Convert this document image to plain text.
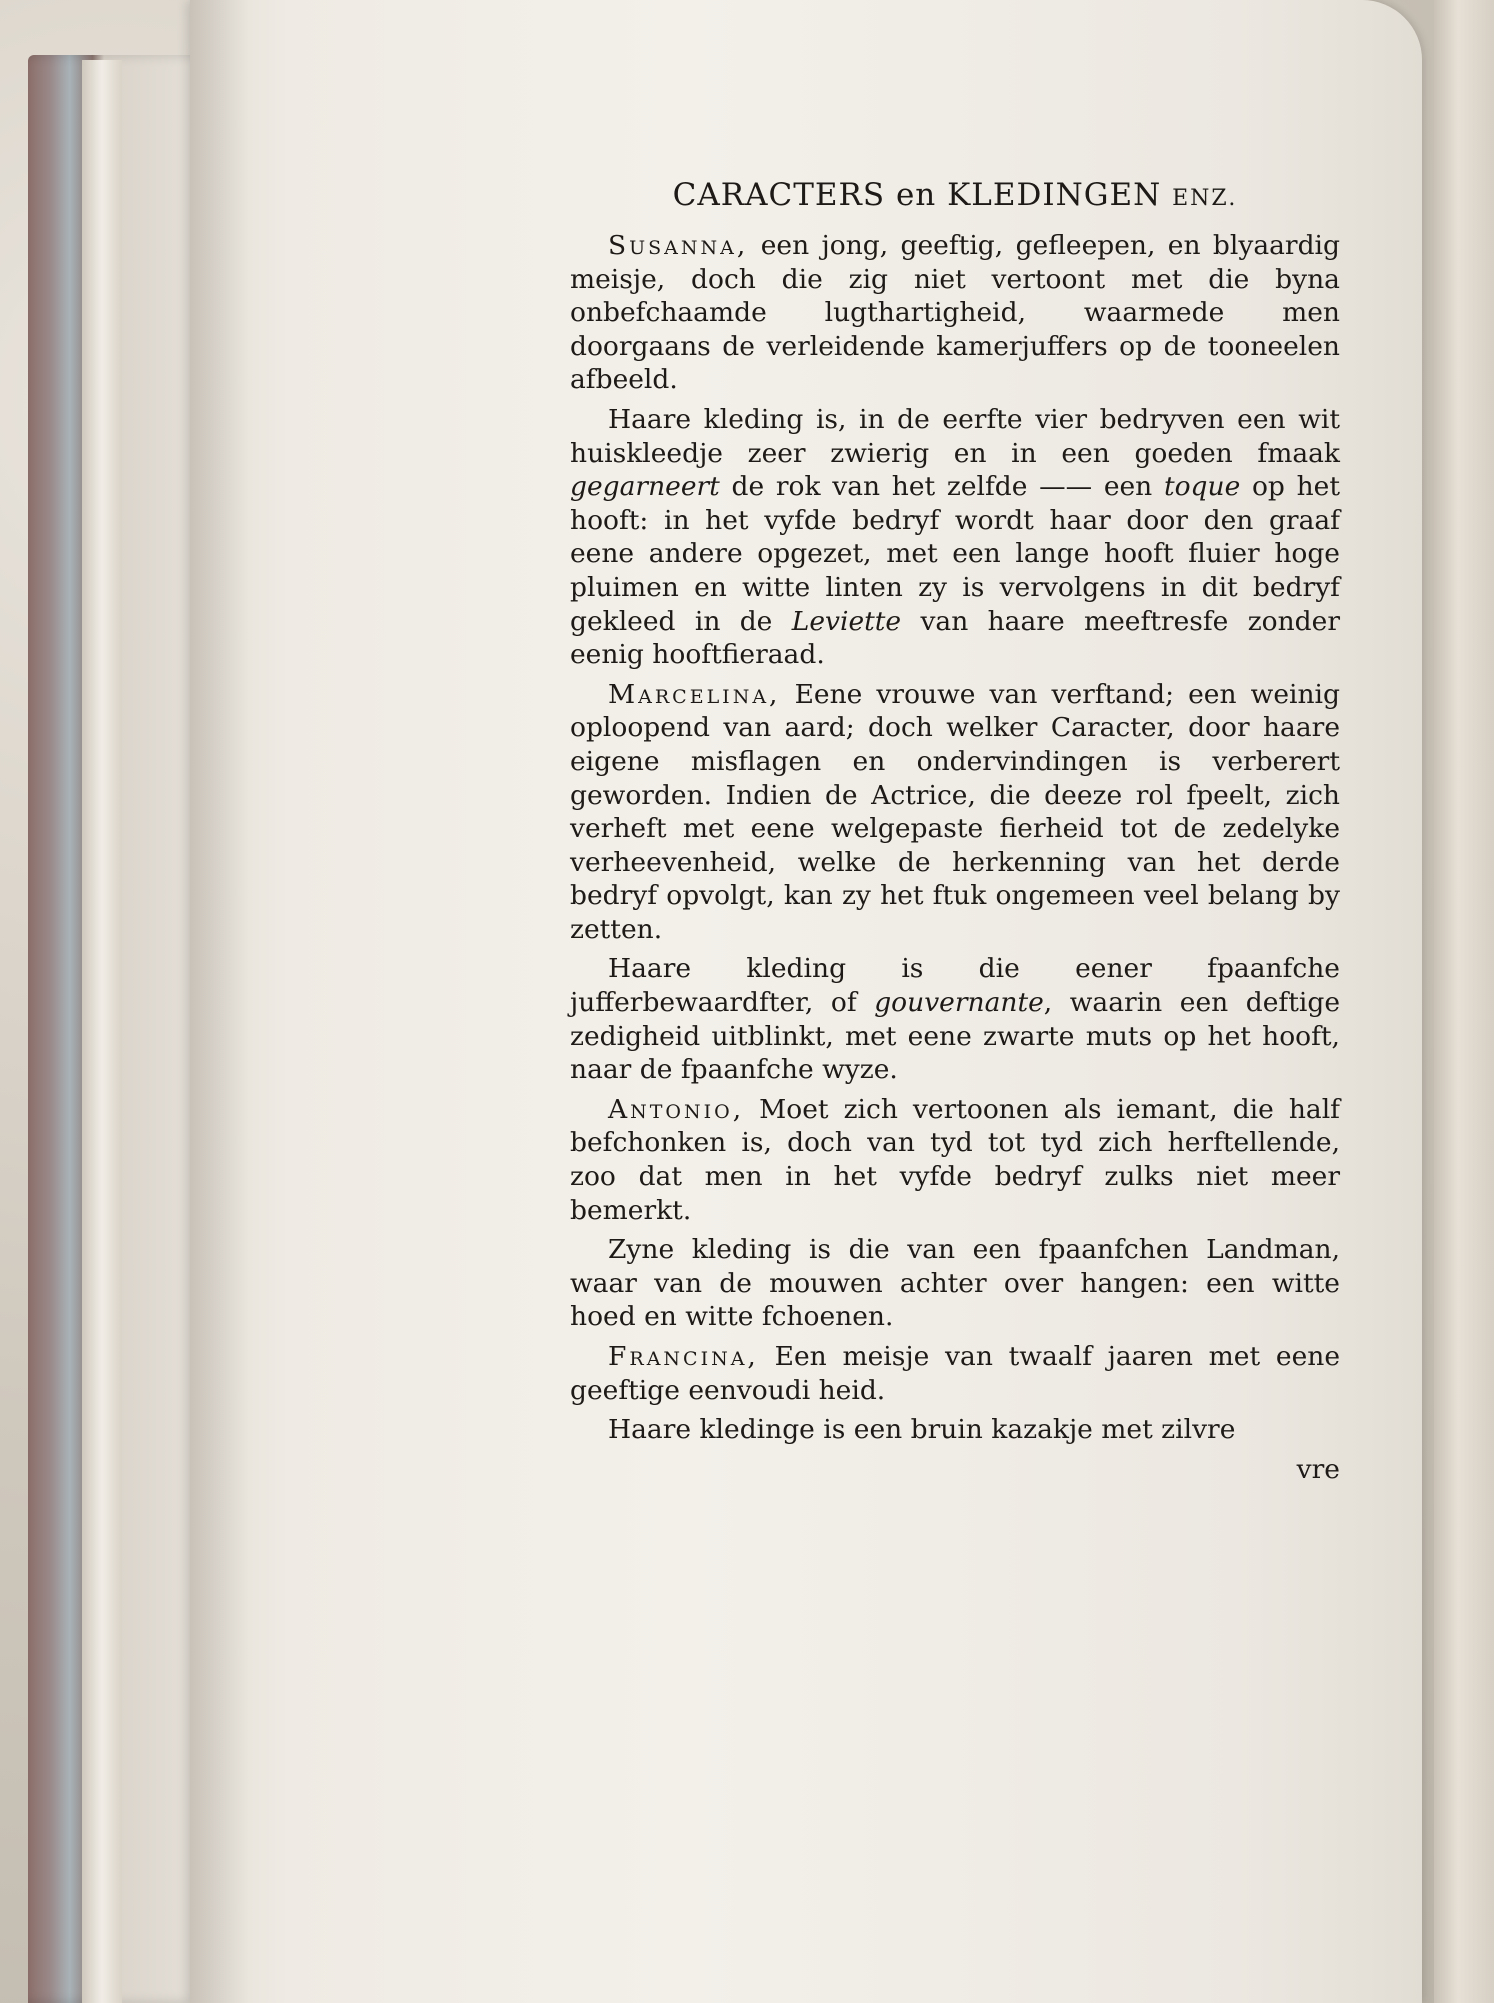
CARACTERS en KLEDINGEN ENZ.

Susanna, een jong, geeftig, gefleepen, en blyaardig meisje, doch die zig niet vertoont met die byna onbefchaamde lugthartigheid, waarmede men doorgaans de verleidende kamerjuffers op de tooneelen afbeeld.

Haare kleding is, in de eerfte vier bedryven een wit huiskleedje zeer zwierig en in een goeden fmaak gegarneert de rok van het zelfde —— een toque op het hooft: in het vyfde bedryf wordt haar door den graaf eene andere opgezet, met een lange hooft fluier hoge pluimen en witte linten zy is vervolgens in dit bedryf gekleed in de Leviette van haare meeftresfe zonder eenig hooftfieraad.

Marcelina, Eene vrouwe van verftand; een weinig oploopend van aard; doch welker Caracter, door haare eigene misflagen en ondervindingen is verberert geworden. Indien de Actrice, die deeze rol fpeelt, zich verheft met eene welgepaste fierheid tot de zedelyke verheevenheid, welke de herkenning van het derde bedryf opvolgt, kan zy het ftuk ongemeen veel belang by zetten.

Haare kleding is die eener fpaanfche jufferbewaardfter, of gouvernante, waarin een deftige zedigheid uitblinkt, met eene zwarte muts op het hooft, naar de fpaanfche wyze.

Antonio, Moet zich vertoonen als iemant, die half befchonken is, doch van tyd tot tyd zich herftellende, zoo dat men in het vyfde bedryf zulks niet meer bemerkt.

Zyne kleding is die van een fpaanfchen Landman, waar van de mouwen achter over hangen: een witte hoed en witte fchoenen.

Francina, Een meisje van twaalf jaaren met eene geeftige eenvoudi heid.

Haare kledinge is een bruin kazakje met zilvre

vre
